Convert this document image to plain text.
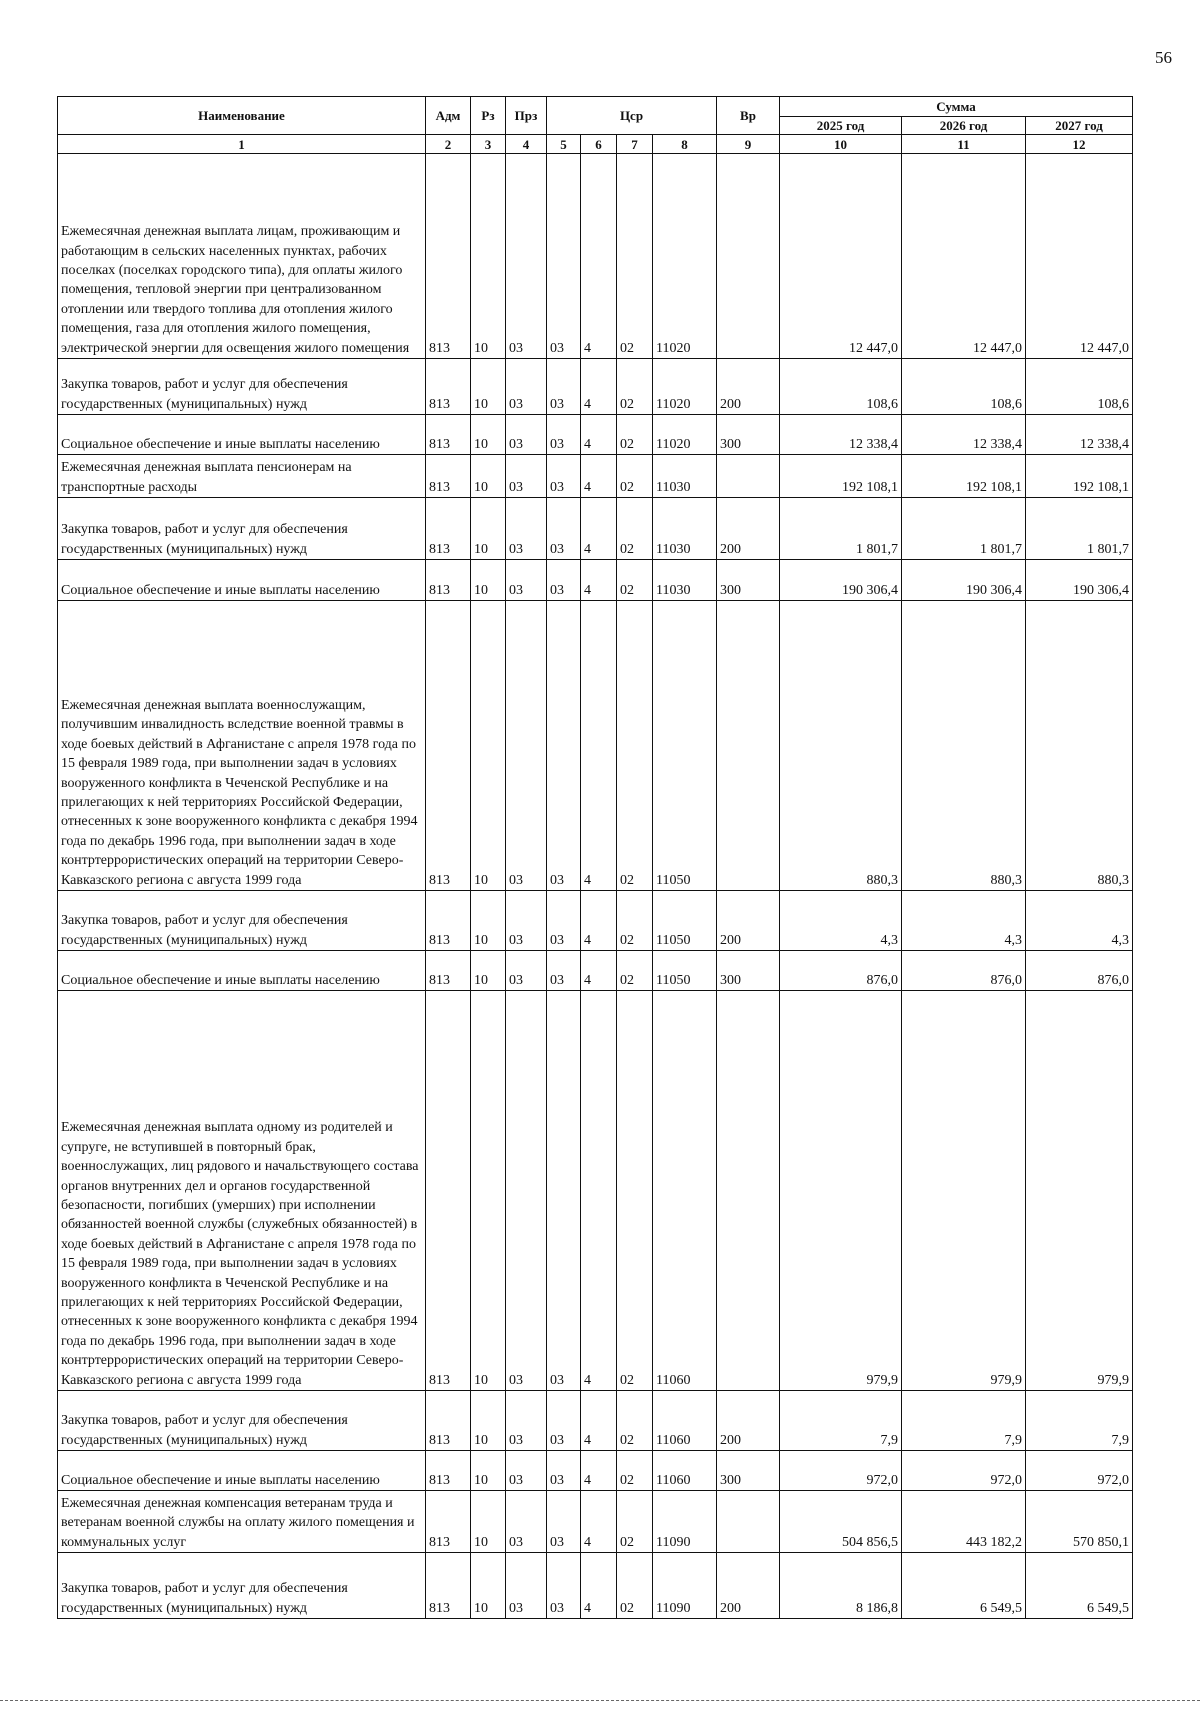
56
Наименование	Адм	Рз	Прз	Цср				Вр	Сумма		
									2025 год	2026 год	2027 год
1	2	3	4	5	6	7	8	9	10	11	12
Ежемесячная денежная выплата лицам, проживающим и работающим в сельских населенных пунктах, рабочих поселках (поселках городского типа), для оплаты жилого помещения, тепловой энергии при централизованном отоплении или твердого топлива для отопления жилого помещения, газа для отопления жилого помещения, электрической энергии для освещения жилого помещения	813	10	03	03	4	02	11020		12 447,0	12 447,0	12 447,0
Закупка товаров, работ и услуг для обеспечения государственных (муниципальных) нужд	813	10	03	03	4	02	11020	200	108,6	108,6	108,6
Социальное обеспечение и иные выплаты населению	813	10	03	03	4	02	11020	300	12 338,4	12 338,4	12 338,4
Ежемесячная денежная выплата пенсионерам на транспортные расходы	813	10	03	03	4	02	11030		192 108,1	192 108,1	192 108,1
Закупка товаров, работ и услуг для обеспечения государственных (муниципальных) нужд	813	10	03	03	4	02	11030	200	1 801,7	1 801,7	1 801,7
Социальное обеспечение и иные выплаты населению	813	10	03	03	4	02	11030	300	190 306,4	190 306,4	190 306,4
Ежемесячная денежная выплата военнослужащим, получившим инвалидность вследствие военной травмы в ходе боевых действий в Афганистане с апреля 1978 года по 15 февраля 1989 года, при выполнении задач в условиях вооруженного конфликта в Чеченской Республике и на прилегающих к ней территориях Российской Федерации, отнесенных к зоне вооруженного конфликта с декабря 1994 года по декабрь 1996 года, при выполнении задач в ходе контртеррористических операций на территории Северо-Кавказского региона с августа 1999 года	813	10	03	03	4	02	11050		880,3	880,3	880,3
Закупка товаров, работ и услуг для обеспечения государственных (муниципальных) нужд	813	10	03	03	4	02	11050	200	4,3	4,3	4,3
Социальное обеспечение и иные выплаты населению	813	10	03	03	4	02	11050	300	876,0	876,0	876,0
Ежемесячная денежная выплата одному из родителей и супруге, не вступившей в повторный брак, военнослужащих, лиц рядового и начальствующего состава органов внутренних дел и органов государственной безопасности, погибших (умерших) при исполнении обязанностей военной службы (служебных обязанностей) в ходе боевых действий в Афганистане с апреля 1978 года по 15 февраля 1989 года, при выполнении задач в условиях вооруженного конфликта в Чеченской Республике и на прилегающих к ней территориях Российской Федерации, отнесенных к зоне вооруженного конфликта с декабря 1994 года по декабрь 1996 года, при выполнении задач в ходе контртеррористических операций на территории Северо-Кавказского региона с августа 1999 года	813	10	03	03	4	02	11060		979,9	979,9	979,9
Закупка товаров, работ и услуг для обеспечения государственных (муниципальных) нужд	813	10	03	03	4	02	11060	200	7,9	7,9	7,9
Социальное обеспечение и иные выплаты населению	813	10	03	03	4	02	11060	300	972,0	972,0	972,0
Ежемесячная денежная компенсация ветеранам труда и ветеранам военной службы на оплату жилого помещения и коммунальных услуг	813	10	03	03	4	02	11090		504 856,5	443 182,2	570 850,1
Закупка товаров, работ и услуг для обеспечения государственных (муниципальных) нужд	813	10	03	03	4	02	11090	200	8 186,8	6 549,5	6 549,5
